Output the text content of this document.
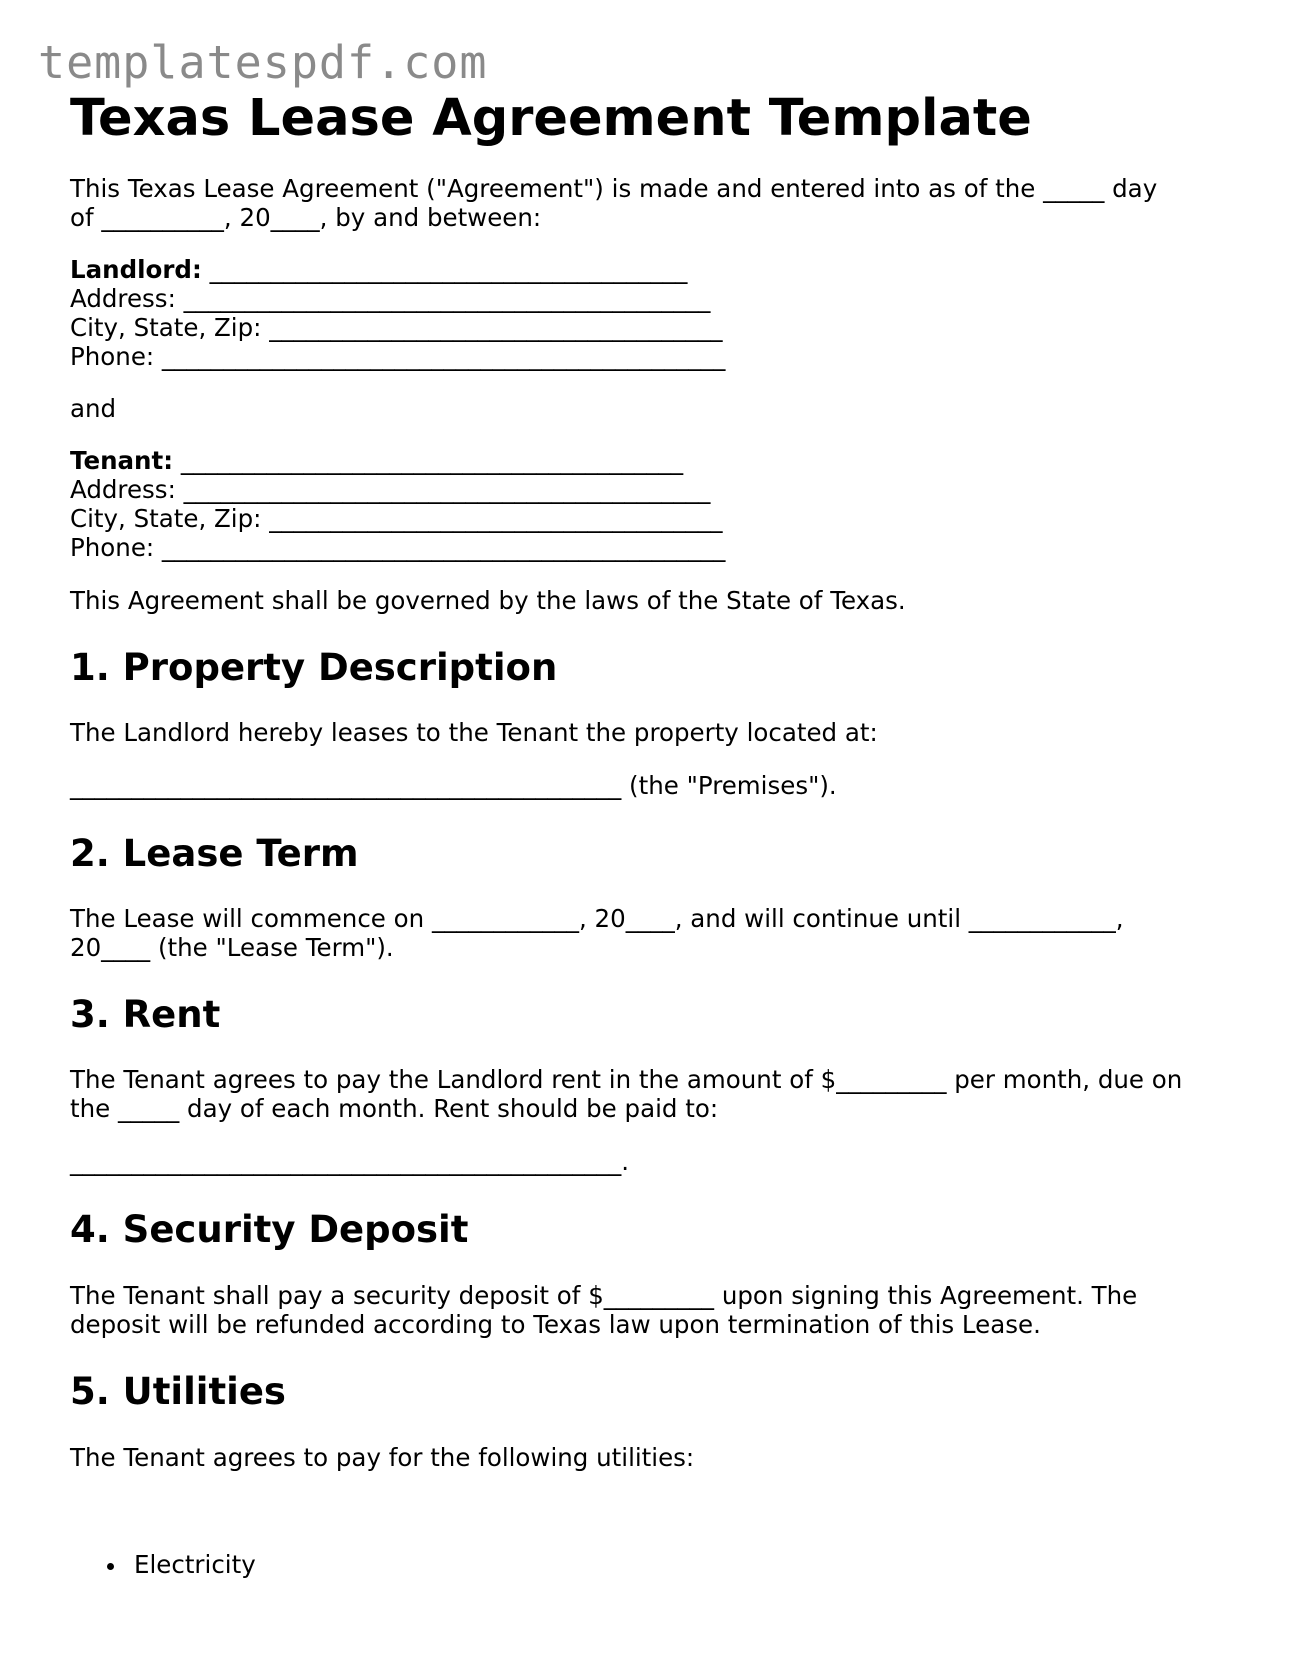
templatespdf.com
Texas Lease Agreement Template

This Texas Lease Agreement ("Agreement") is made and entered into as of the _____ day

of __________, 20____, by and between:

Landlord: _______________________________________

Address: ___________________________________________

City, State, Zip: _____________________________________

Phone: ______________________________________________

and

Tenant: _________________________________________

Address: ___________________________________________

City, State, Zip: _____________________________________

Phone: ______________________________________________

This Agreement shall be governed by the laws of the State of Texas.

1. Property Description

The Landlord hereby leases to the Tenant the property located at:

_____________________________________________ (the "Premises").

2. Lease Term

The Lease will commence on ____________, 20____, and will continue until ____________,

20____ (the "Lease Term").

3. Rent

The Tenant agrees to pay the Landlord rent in the amount of $_________ per month, due on

the _____ day of each month. Rent should be paid to:

_____________________________________________.

4. Security Deposit

The Tenant shall pay a security deposit of $_________ upon signing this Agreement. The

deposit will be refunded according to Texas law upon termination of this Lease.

5. Utilities

The Tenant agrees to pay for the following utilities:

Electricity
